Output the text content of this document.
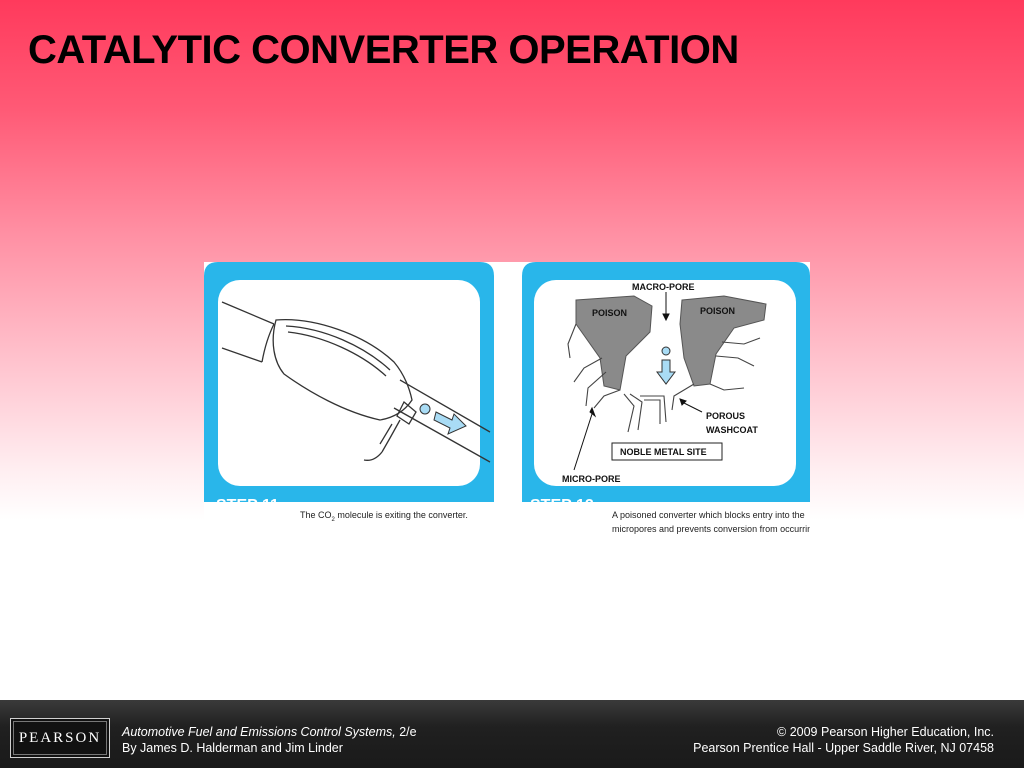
CATALYTIC CONVERTER OPERATION
STEP 11
The $CO_2$ molecule is exiting the converter.
MACRO-PORE
POISON	POISON
POROUS
WASHCOAT
NOBLE METAL SITE
MICRO-PORE
STEP 12
A poisoned converter which blocks entry into the
micropores and prevents conversion from occurring.
PEARSON	Automotive Fuel and Emissions Control Systems, 2/e
By James D. Halderman and Jim Linder
© 2009 Pearson Higher Education, Inc.
Pearson Prentice Hall - Upper Saddle River, NJ 07458
